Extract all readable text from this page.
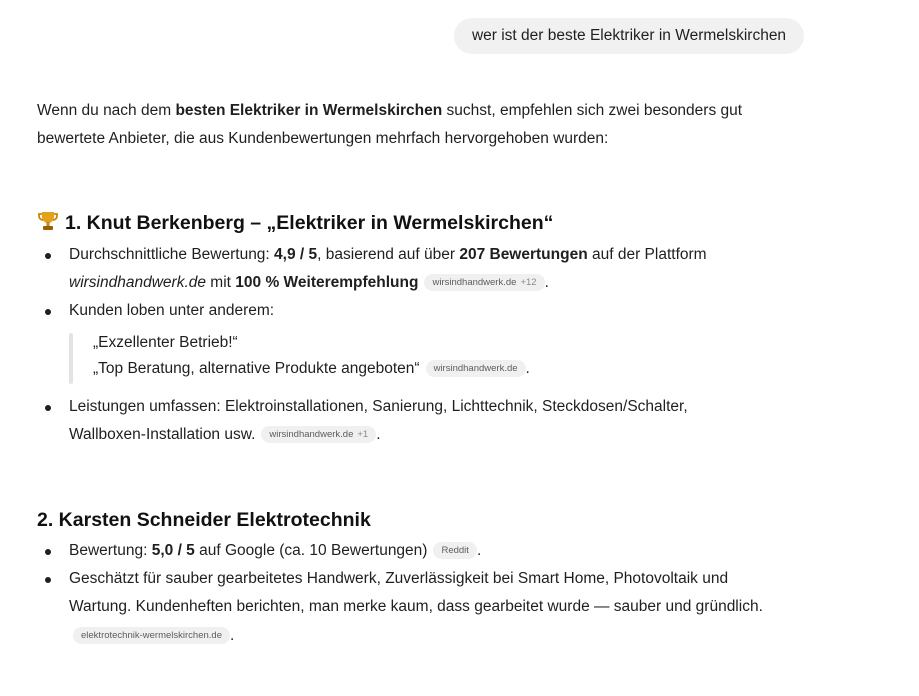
wer ist der beste Elektriker in Wermelskirchen
Wenn du nach dem besten Elektriker in Wermelskirchen suchst, empfehlen sich zwei besonders gut
bewertete Anbieter, die aus Kundenbewertungen mehrfach hervorgehoben wurden:
1. Knut Berkenberg – „Elektriker in Wermelskirchen“
Durchschnittliche Bewertung: 4,9 / 5, basierend auf über 207 Bewertungen auf der Plattform
wirsindhandwerk.de mit 100 % Weiterempfehlung wirsindhandwerk.de +12 .
Kunden loben unter anderem:
„Exzellenter Betrieb!“
„Top Beratung, alternative Produkte angeboten“ wirsindhandwerk.de .
Leistungen umfassen: Elektroinstallationen, Sanierung, Lichttechnik, Steckdosen/Schalter,
Wallboxen-Installation usw. wirsindhandwerk.de +1 .
2. Karsten Schneider Elektrotechnik
Bewertung: 5,0 / 5 auf Google (ca. 10 Bewertungen) Reddit .
Geschätzt für sauber gearbeitetes Handwerk, Zuverlässigkeit bei Smart Home, Photovoltaik und
Wartung. Kundenheften berichten, man merke kaum, dass gearbeitet wurde — sauber und gründlich.
elektrotechnik-wermelskirchen.de .
